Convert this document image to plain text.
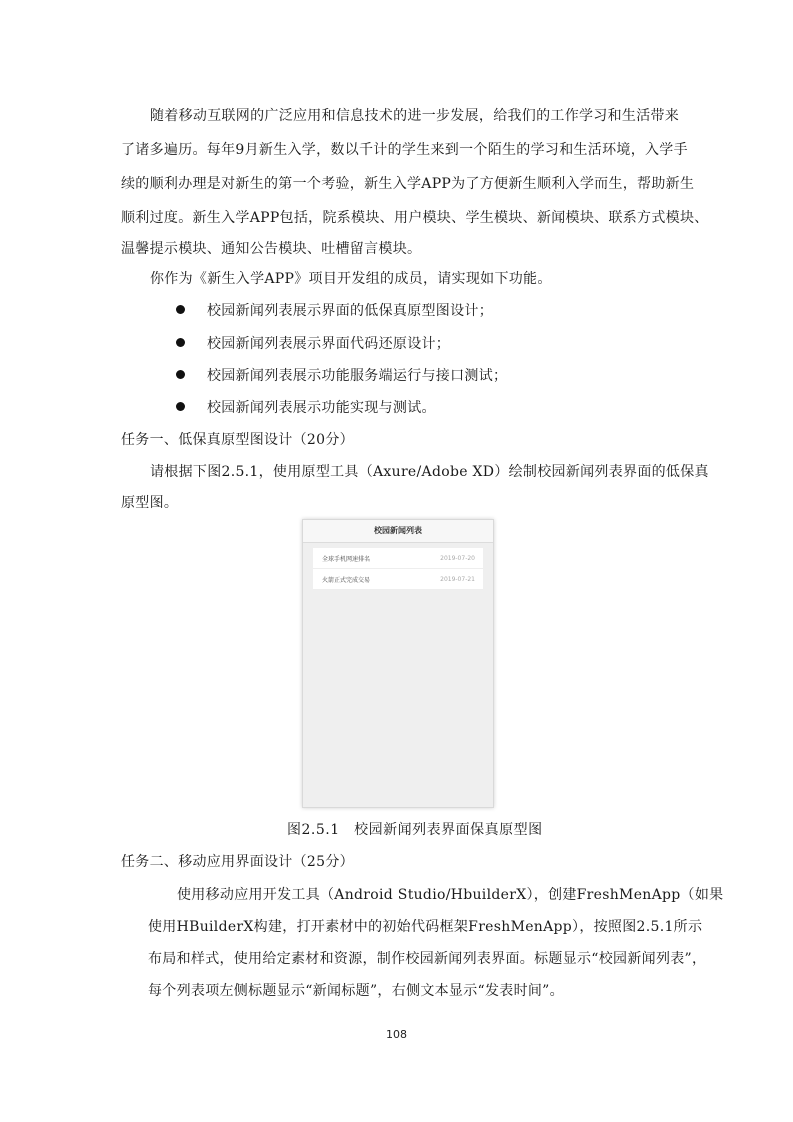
随着移动互联网的广泛应用和信息技术的进一步发展，给我们的工作学习和生活带来
了诸多遍历。每年9月新生入学，数以千计的学生来到一个陌生的学习和生活环境，入学手
续的顺利办理是对新生的第一个考验，新生入学APP为了方便新生顺利入学而生，帮助新生
顺利过度。新生入学APP包括，院系模块、用户模块、学生模块、新闻模块、联系方式模块、
温馨提示模块、通知公告模块、吐槽留言模块。
你作为《新生入学APP》项目开发组的成员，请实现如下功能。
校园新闻列表展示界面的低保真原型图设计；
校园新闻列表展示界面代码还原设计；
校园新闻列表展示功能服务端运行与接口测试；
校园新闻列表展示功能实现与测试。
任务一、低保真原型图设计（20分）
请根据下图2.5.1，使用原型工具（Axure/Adobe XD）绘制校园新闻列表界面的低保真
原型图。
校园新闻列表
全球手机网速排名	2019-07-20
火箭正式完成交易	2019-07-21
图2.5.1　校园新闻列表界面保真原型图
任务二、移动应用界面设计（25分）
使用移动应用开发工具（Android Studio/HbuilderX），创建FreshMenApp（如果
使用HBuilderX构建，打开素材中的初始代码框架FreshMenApp），按照图2.5.1所示
布局和样式，使用给定素材和资源，制作校园新闻列表界面。标题显示“校园新闻列表”，
每个列表项左侧标题显示“新闻标题”，右侧文本显示“发表时间”。
108
